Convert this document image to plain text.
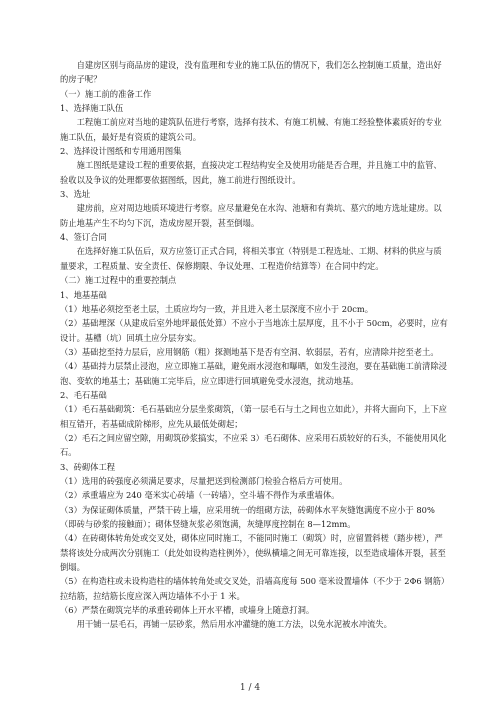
自建房区别与商品房的建设，没有监理和专业的施工队伍的情况下，我们怎么控制施工质量，造出好的房子呢？

（一）施工前的准备工作

1、选择施工队伍

工程施工前应对当地的建筑队伍进行考察，选择有技术、有施工机械、有施工经验整体素质好的专业施工队伍，最好是有资质的建筑公司。

2、选择设计图纸和专用通用图集

施工图纸是建设工程的重要依据，直接决定工程结构安全及使用功能是否合理，并且施工中的监管、验收以及争议的处理都要依据图纸，因此，施工前进行图纸设计。

3、选址

建房前，应对周边地质环境进行考察。应尽量避免在水沟、池塘和有粪坑、墓穴的地方选址建房。以防止地基产生不均匀下沉，造成房屋开裂，甚至倒塌。

4、签订合同

在选择好施工队伍后，双方应签订正式合同，将相关事宜（特别是工程选址、工期、材料的供应与质量要求，工程质量、安全责任、保修期限、争议处理、工程造价结算等）在合同中约定。

（二）施工过程中的重要控制点

1、地基基础

（1）地基必须挖至老土层，土质应均匀一致，并且进入老土层深度不应小于 20cm。

（2）基础埋深（从建成后室外地坪最低处算）不应小于当地冻土层厚度，且不小于 50cm，必要时，应有设计。基槽（坑）回填土应分层夯实。

（3）基础挖至持力层后，应用钢筋（粗）探测地基下是否有空洞、软弱层，若有，应清除并挖至老土。

（4）基础持力层禁止浸泡，应立即施工基础，避免雨水浸泡和曝晒，如发生浸泡，要在基础施工前清除浸泡、变软的地基土；基础施工完毕后，应立即进行回填避免受水浸泡，扰动地基。

2、毛石基础

（1）毛石基础砌筑：毛石基础应分层坐浆砌筑，（第一层毛石与土之间也立如此），并将大面向下，上下应相互错开，若基础成阶梯形，应先从最低处砌起；

（2）毛石之间应留空隙，用砌筑砂浆搞实，不应采 3）毛石砌体、应采用石质较好的石头，不能使用风化石。

3、砖砌体工程

（1）选用的砖强度必须满足要求，尽量把送到检测部门检验合格后方可使用。

（2）承重墙应为 240 毫米实心砖墙（一砖墙），空斗墙不得作为承重墙体。

（3）为保证砌体质量，严禁干砖上墙，应采用统一的组砌方法，砖砌体水平灰缝饱满度不应小于 80%（即砖与砂浆的接触面）；砌体竖缝灰浆必须饱满，灰缝厚度控制在 8—12mm。

（4）在砖砌体转角处或交叉处，砌体应同时施工，不能同时施工（砌筑）时，应留置斜槎（踏步槎），严禁将该处分成两次分别施工（此处如设构造柱例外），使纵横墙之间无可靠连接，以至造成墙体开裂，甚至倒塌。

（5）在构造柱或未设构造柱的墙体转角处或交叉处，沿墙高度每 500 毫米设置墙体（不少于 2Φ6 钢筋）拉结筋，拉结筋长度应深入两边墙体不小于 1 米。

（6）严禁在砌筑完毕的承重砖砌体上开水平槽，或墙身上随意打洞。

用干铺一层毛石，再铺一层砂浆，然后用水冲灌缝的施工方法，以免水泥被水冲流失。

1 / 4
